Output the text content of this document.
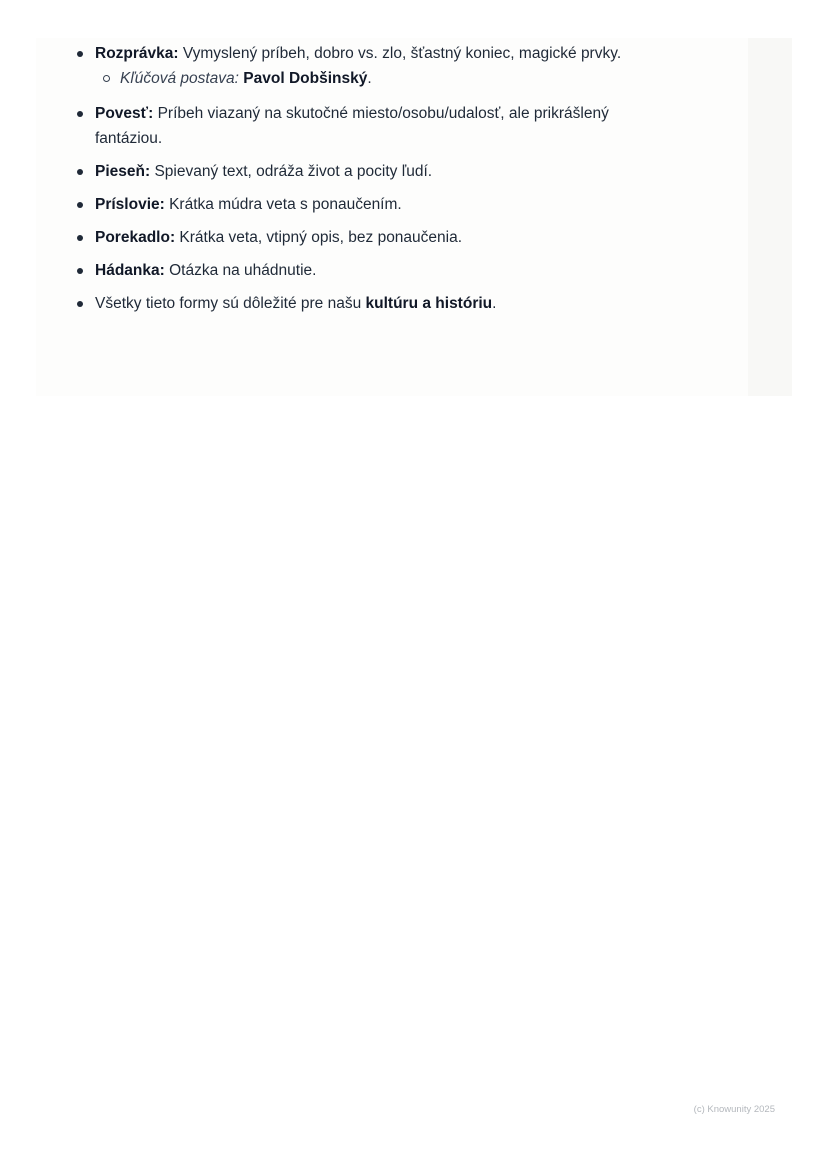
Rozprávka: Vymyslený príbeh, dobro vs. zlo, šťastný koniec, magické prvky.
Kľúčová postava: Pavol Dobšinský.
Povesť: Príbeh viazaný na skutočné miesto/osobu/udalosť, ale prikrášlený fantáziou.
Pieseň: Spievaný text, odráža život a pocity ľudí.
Príslovie: Krátka múdra veta s ponaučením.
Porekadlo: Krátka veta, vtipný opis, bez ponaučenia.
Hádanka: Otázka na uhádnutie.
Všetky tieto formy sú dôležité pre našu kultúru a históriu.
(c) Knowunity 2025
